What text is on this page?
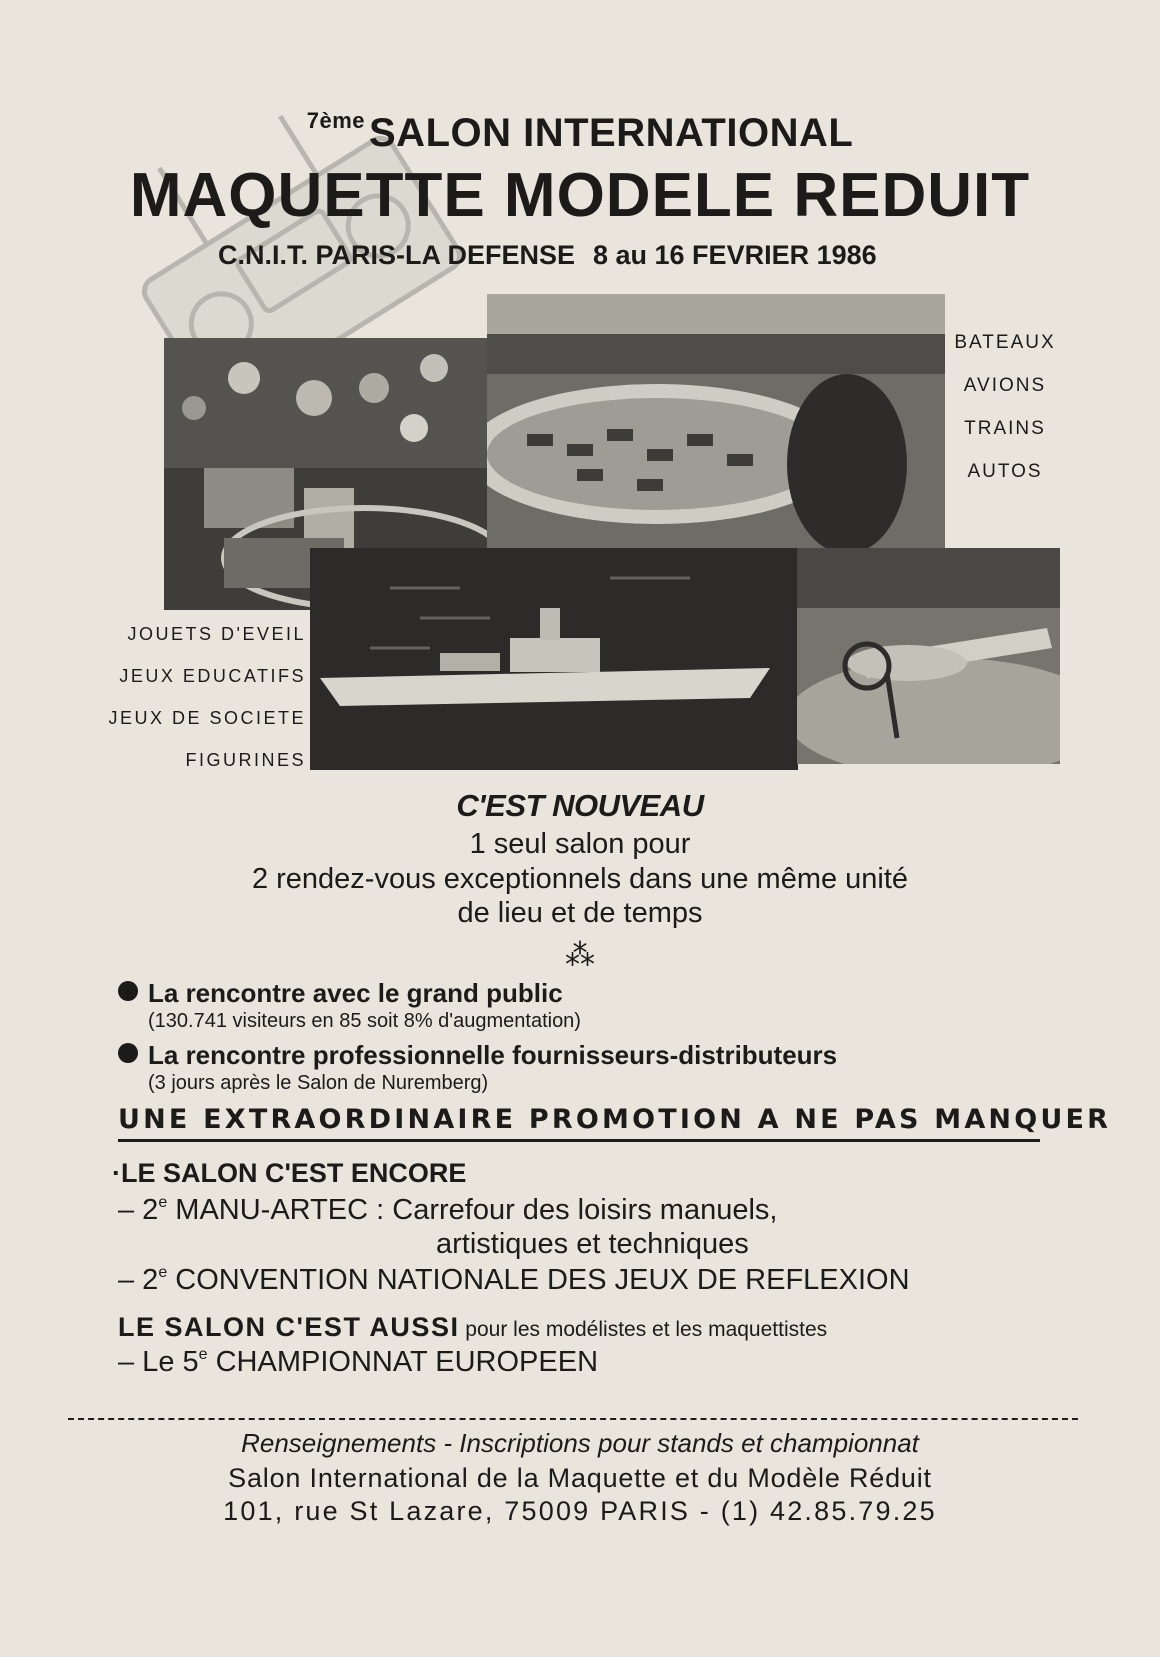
$^{7ème}$ SALON INTERNATIONAL
MAQUETTE MODELE REDUIT
C.N.I.T. PARIS-LA DEFENSE 8 au 16 FEVRIER 1986
BATEAUX
AVIONS
TRAINS
AUTOS
JOUETS D'EVEIL
JEUX EDUCATIFS
JEUX DE SOCIETE
FIGURINES
C'EST NOUVEAU
1 seul salon pour
2 rendez-vous exceptionnels dans une même unité
de lieu et de temps
⁂
La rencontre avec le grand public
(130.741 visiteurs en 85 soit 8% d'augmentation)
La rencontre professionnelle fournisseurs-distributeurs
(3 jours après le Salon de Nuremberg)
UNE EXTRAORDINAIRE PROMOTION A NE PAS MANQUER
·LE SALON C'EST ENCORE
– 2e MANU-ARTEC : Carrefour des loisirs manuels,
artistiques et techniques
– 2e CONVENTION NATIONALE DES JEUX DE REFLEXION
LE SALON C'EST AUSSI pour les modélistes et les maquettistes
– Le 5e CHAMPIONNAT EUROPEEN
Renseignements - Inscriptions pour stands et championnat
Salon International de la Maquette et du Modèle Réduit
101, rue St Lazare, 75009 PARIS - (1) 42.85.79.25
